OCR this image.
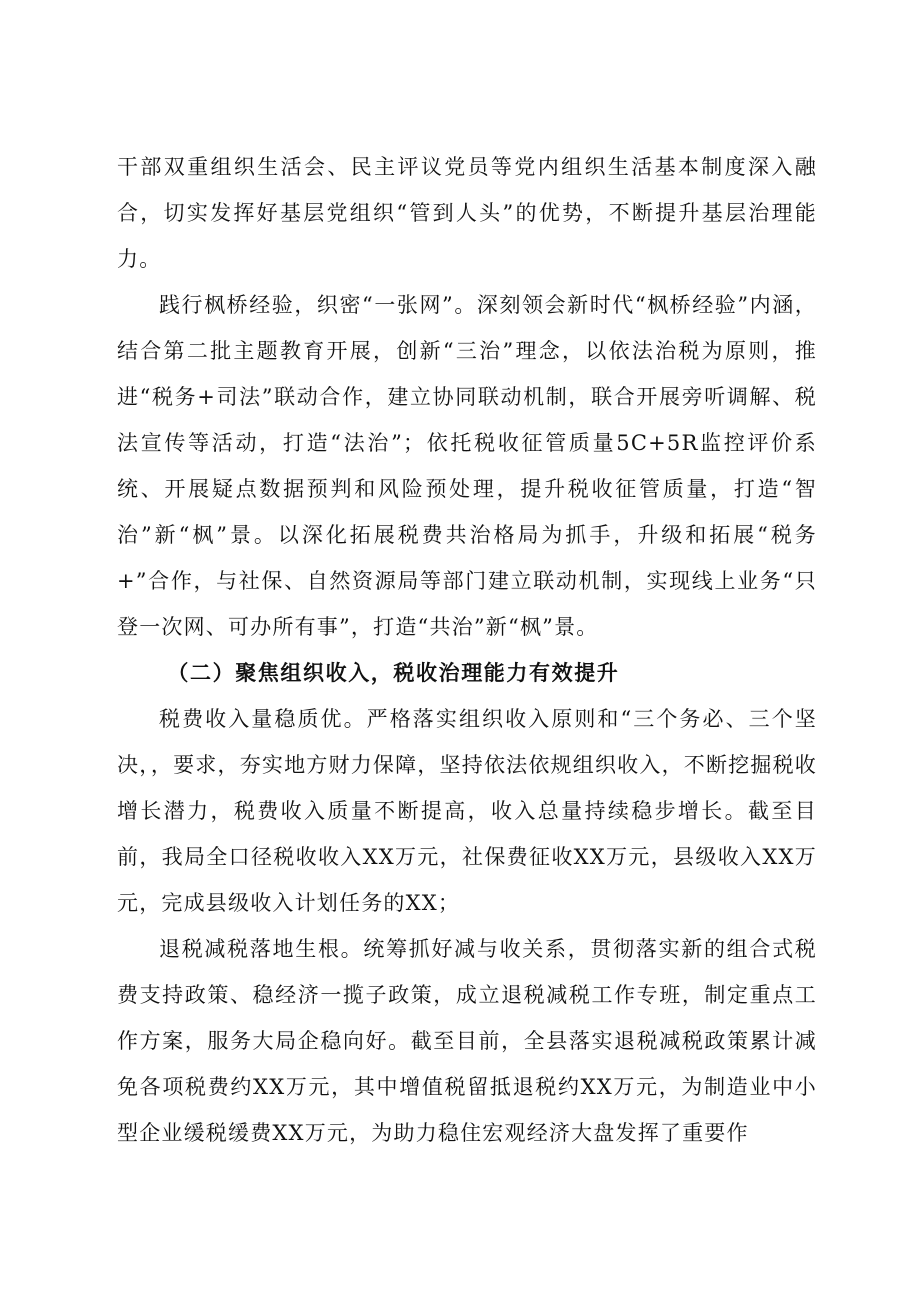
干部双重组织生活会、民主评议党员等党内组织生活基本制度深入融合，切实发挥好基层党组织“管到人头”的优势，不断提升基层治理能力。

践行枫桥经验，织密“一张网”。深刻领会新时代“枫桥经验”内涵，结合第二批主题教育开展，创新“三治”理念，以依法治税为原则，推进“税务+司法”联动合作，建立协同联动机制，联合开展旁听调解、税法宣传等活动，打造“法治”；依托税收征管质量5C+5R监控评价系统、开展疑点数据预判和风险预处理，提升税收征管质量，打造“智治”新“枫”景。以深化拓展税费共治格局为抓手，升级和拓展“税务+”合作，与社保、自然资源局等部门建立联动机制，实现线上业务“只登一次网、可办所有事”，打造“共治”新“枫”景。

（二）聚焦组织收入，税收治理能力有效提升

税费收入量稳质优。严格落实组织收入原则和“三个务必、三个坚决，，要求，夯实地方财力保障，坚持依法依规组织收入，不断挖掘税收增长潜力，税费收入质量不断提高，收入总量持续稳步增长。截至目前，我局全口径税收收入XX万元，社保费征收XX万元，县级收入XX万元，完成县级收入计划任务的XX；

退税减税落地生根。统筹抓好减与收关系，贯彻落实新的组合式税费支持政策、稳经济一揽子政策，成立退税减税工作专班，制定重点工作方案，服务大局企稳向好。截至目前，全县落实退税减税政策累计减免各项税费约XX万元，其中增值税留抵退税约XX万元，为制造业中小型企业缓税缓费XX万元，为助力稳住宏观经济大盘发挥了重要作
